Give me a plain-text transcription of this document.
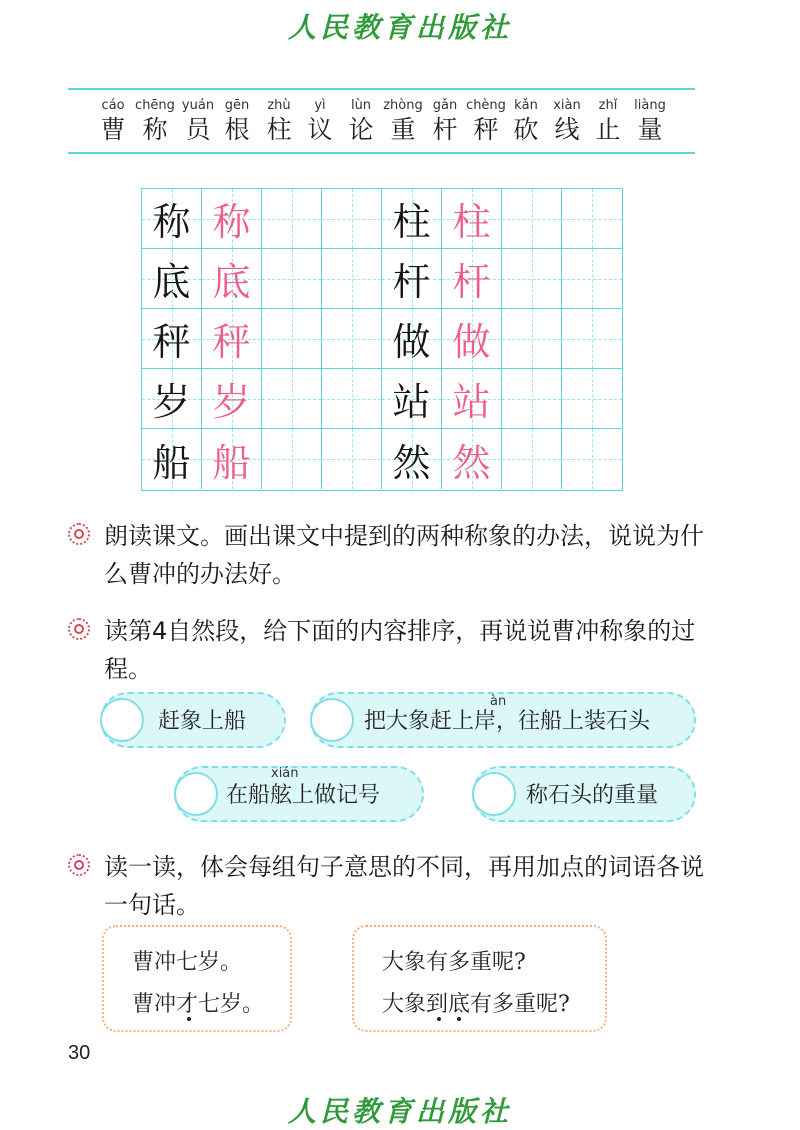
人民教育出版社
cáo
曹
chēng
称
yuán
员
gēn
根
zhù
柱
yì
议
lùn
论
zhòng
重
gǎn
杆
chèng
秤
kǎn
砍
xiàn
线
zhǐ
止
liàng
量
称 称	柱 柱
底 底	杆 杆
秤 秤	做 做
岁 岁	站 站
船 船	然 然
朗读课文。画出课文中提到的两种称象的办法，说说为什么曹冲的办法好。
读第4自然段，给下面的内容排序，再说说曹冲称象的过程。
赶象上船	把大象赶上岸，往船上装石头
àn
在船舷上做记号
xián
称石头的重量
读一读，体会每组句子意思的不同，再用加点的词语各说一句话。
曹冲七岁。
曹冲才七岁。
大象有多重呢?
大象到底有多重呢?
30
人民教育出版社
